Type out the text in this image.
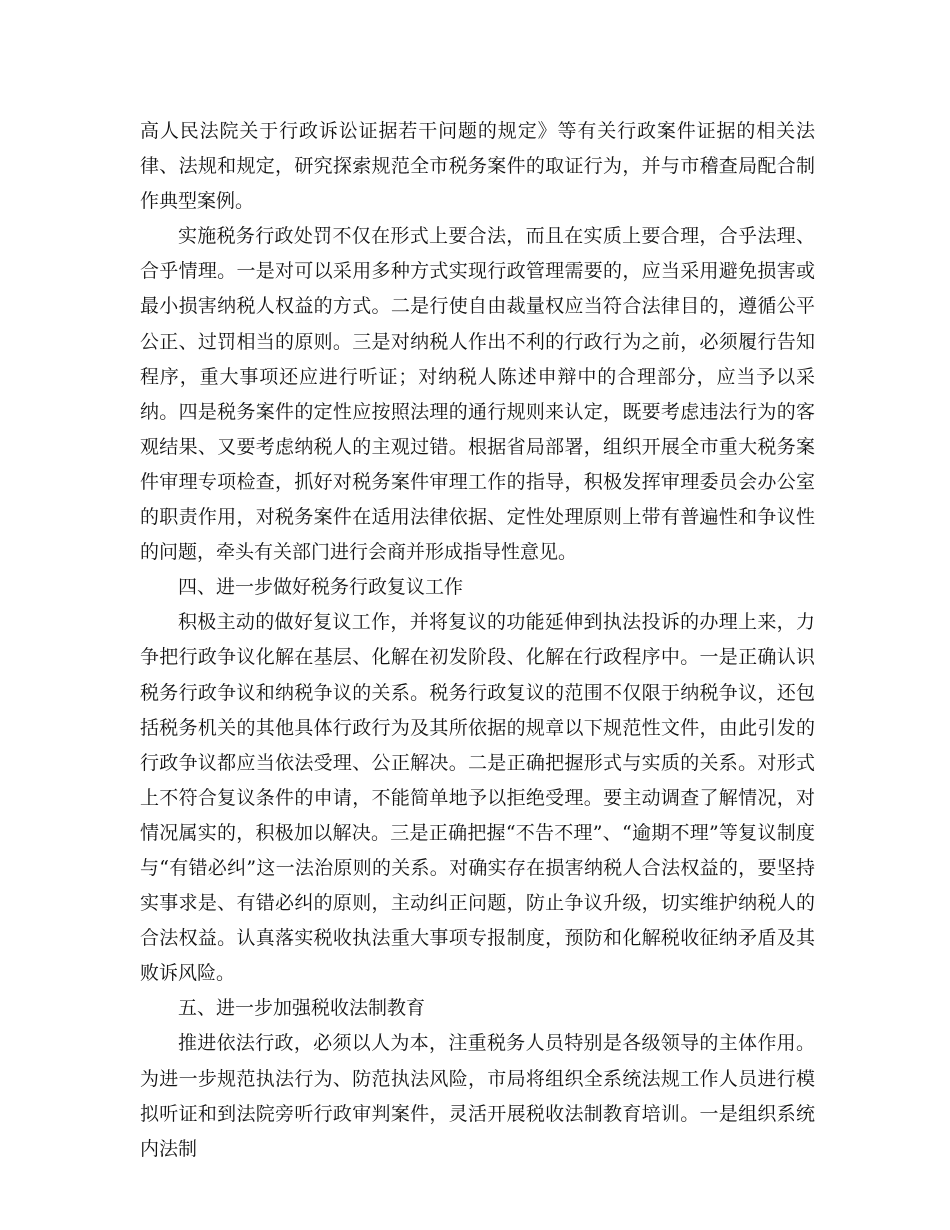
高人民法院关于行政诉讼证据若干问题的规定》等有关行政案件证据的相关法律、法规和规定，研究探索规范全市税务案件的取证行为，并与市稽查局配合制作典型案例。

实施税务行政处罚不仅在形式上要合法，而且在实质上要合理，合乎法理、合乎情理。一是对可以采用多种方式实现行政管理需要的，应当采用避免损害或最小损害纳税人权益的方式。二是行使自由裁量权应当符合法律目的，遵循公平公正、过罚相当的原则。三是对纳税人作出不利的行政行为之前，必须履行告知程序，重大事项还应进行听证；对纳税人陈述申辩中的合理部分，应当予以采纳。四是税务案件的定性应按照法理的通行规则来认定，既要考虑违法行为的客观结果、又要考虑纳税人的主观过错。根据省局部署，组织开展全市重大税务案件审理专项检查，抓好对税务案件审理工作的指导，积极发挥审理委员会办公室的职责作用，对税务案件在适用法律依据、定性处理原则上带有普遍性和争议性的问题，牵头有关部门进行会商并形成指导性意见。

四、进一步做好税务行政复议工作

积极主动的做好复议工作，并将复议的功能延伸到执法投诉的办理上来，力争把行政争议化解在基层、化解在初发阶段、化解在行政程序中。一是正确认识税务行政争议和纳税争议的关系。税务行政复议的范围不仅限于纳税争议，还包括税务机关的其他具体行政行为及其所依据的规章以下规范性文件，由此引发的行政争议都应当依法受理、公正解决。二是正确把握形式与实质的关系。对形式上不符合复议条件的申请，不能简单地予以拒绝受理。要主动调查了解情况，对情况属实的，积极加以解决。三是正确把握“不告不理”、“逾期不理”等复议制度与“有错必纠”这一法治原则的关系。对确实存在损害纳税人合法权益的，要坚持实事求是、有错必纠的原则，主动纠正问题，防止争议升级，切实维护纳税人的合法权益。认真落实税收执法重大事项专报制度，预防和化解税收征纳矛盾及其败诉风险。

五、进一步加强税收法制教育

推进依法行政，必须以人为本，注重税务人员特别是各级领导的主体作用。为进一步规范执法行为、防范执法风险，市局将组织全系统法规工作人员进行模拟听证和到法院旁听行政审判案件，灵活开展税收法制教育培训。一是组织系统内法制
